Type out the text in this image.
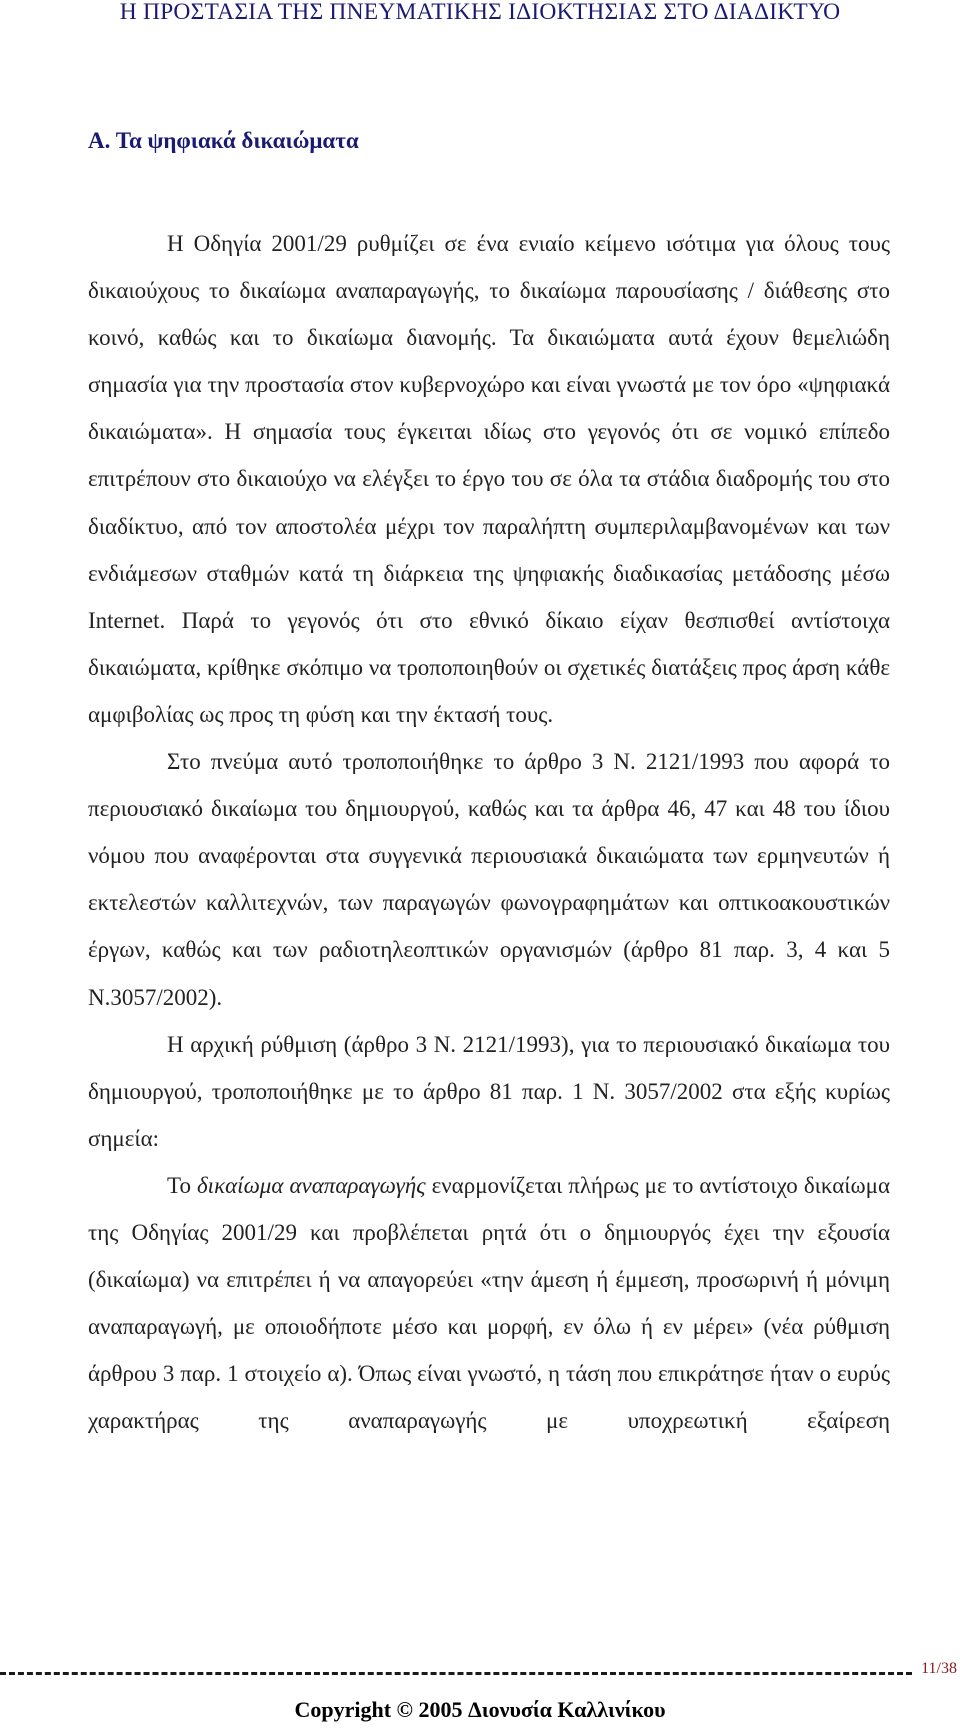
Η ΠΡΟΣΤΑΣΙΑ ΤΗΣ ΠΝΕΥΜΑΤΙΚΗΣ ΙΔΙΟΚΤΗΣΙΑΣ ΣΤΟ ΔΙΑΔΙΚΤΥΟ
Α. Τα ψηφιακά δικαιώματα

Η Οδηγία 2001/29 ρυθμίζει σε ένα ενιαίο κείμενο ισότιμα για όλους τους δικαιούχους το δικαίωμα αναπαραγωγής, το δικαίωμα παρουσίασης / διάθεσης στο κοινό, καθώς και το δικαίωμα διανομής. Τα δικαιώματα αυτά έχουν θεμελιώδη σημασία για την προστασία στον κυβερνοχώρο και είναι γνωστά με τον όρο «ψηφιακά δικαιώματα». Η σημασία τους έγκειται ιδίως στο γεγονός ότι σε νομικό επίπεδο επιτρέπουν στο δικαιούχο να ελέγξει το έργο του σε όλα τα στάδια διαδρομής του στο διαδίκτυο, από τον αποστολέα μέχρι τον παραλήπτη συμπεριλαμβανομένων και των ενδιάμεσων σταθμών κατά τη διάρκεια της ψηφιακής διαδικασίας μετάδοσης μέσω Internet. Παρά το γεγονός ότι στο εθνικό δίκαιο είχαν θεσπισθεί αντίστοιχα δικαιώματα, κρίθηκε σκόπιμο να τροποποιηθούν οι σχετικές διατάξεις προς άρση κάθε αμφιβολίας ως προς τη φύση και την έκτασή τους.

Στο πνεύμα αυτό τροποποιήθηκε το άρθρο 3 Ν. 2121/1993 που αφορά το περιουσιακό δικαίωμα του δημιουργού, καθώς και τα άρθρα 46, 47 και 48 του ίδιου νόμου που αναφέρονται στα συγγενικά περιουσιακά δικαιώματα των ερμηνευτών ή εκτελεστών καλλιτεχνών, των παραγωγών φωνογραφημάτων και οπτικοακουστικών έργων, καθώς και των ραδιοτηλεοπτικών οργανισμών (άρθρο 81 παρ. 3, 4 και 5 Ν.3057/2002).

Η αρχική ρύθμιση (άρθρο 3 Ν. 2121/1993), για το περιουσιακό δικαίωμα του δημιουργού, τροποποιήθηκε με το άρθρο 81 παρ. 1 Ν. 3057/2002 στα εξής κυρίως σημεία:

Το δικαίωμα αναπαραγωγής εναρμονίζεται πλήρως με το αντίστοιχο δικαίωμα της Οδηγίας 2001/29 και προβλέπεται ρητά ότι ο δημιουργός έχει την εξουσία (δικαίωμα) να επιτρέπει ή να απαγορεύει «την άμεση ή έμμεση, προσωρινή ή μόνιμη αναπαραγωγή, με οποιοδήποτε μέσο και μορφή, εν όλω ή εν μέρει» (νέα ρύθμιση άρθρου 3 παρ. 1 στοιχείο α). Όπως είναι γνωστό, η τάση που επικράτησε ήταν ο ευρύς χαρακτήρας της αναπαραγωγής με υποχρεωτική εξαίρεση

11/38
Copyright © 2005 Διονυσία Καλλινίκου
